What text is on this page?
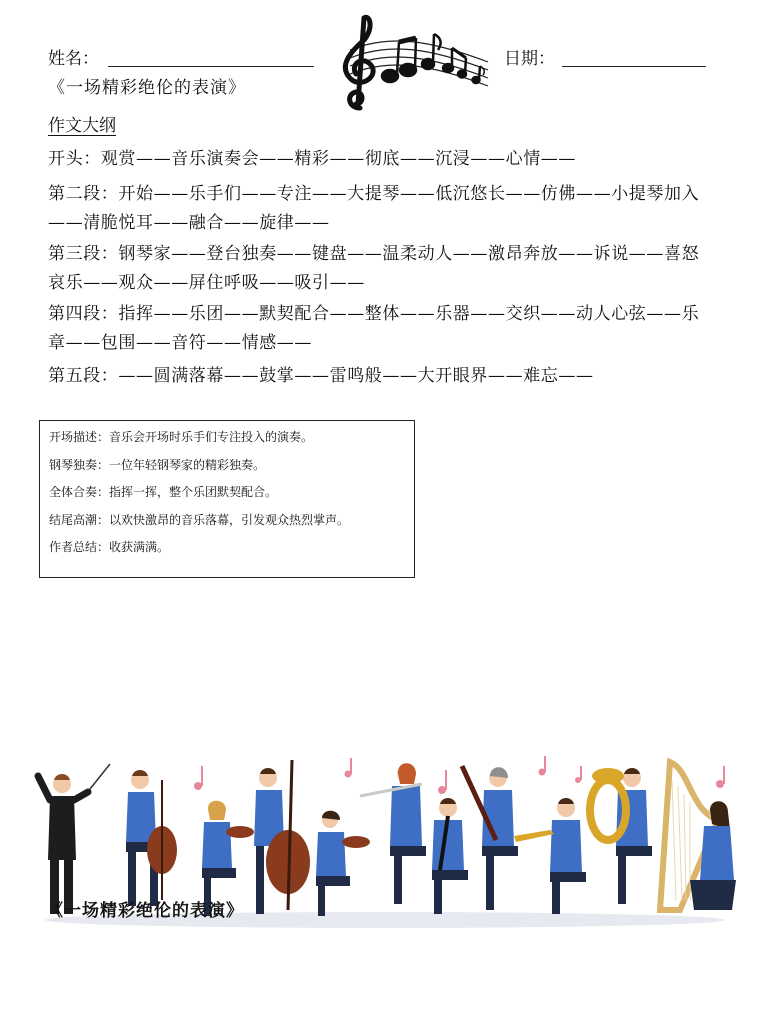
姓名：	日期：
《一场精彩绝伦的表演》
作文大纲
开头：观赏——音乐演奏会——精彩——彻底——沉浸——心情——
第二段：开始——乐手们——专注——大提琴——低沉悠长——仿佛——小提琴加入——清脆悦耳——融合——旋律——
第三段：钢琴家——登台独奏——键盘——温柔动人——激昂奔放——诉说——喜怒哀乐——观众——屏住呼吸——吸引——
第四段：指挥——乐团——默契配合——整体——乐器——交织——动人心弦——乐章——包围——音符——情感——
第五段：——圆满落幕——鼓掌——雷鸣般——大开眼界——难忘——
开场描述：音乐会开场时乐手们专注投入的演奏。
钢琴独奏：一位年轻钢琴家的精彩独奏。
全体合奏：指挥一挥，整个乐团默契配合。
结尾高潮：以欢快激昂的音乐落幕，引发观众热烈掌声。
作者总结：收获满满。
《一场精彩绝伦的表演》
